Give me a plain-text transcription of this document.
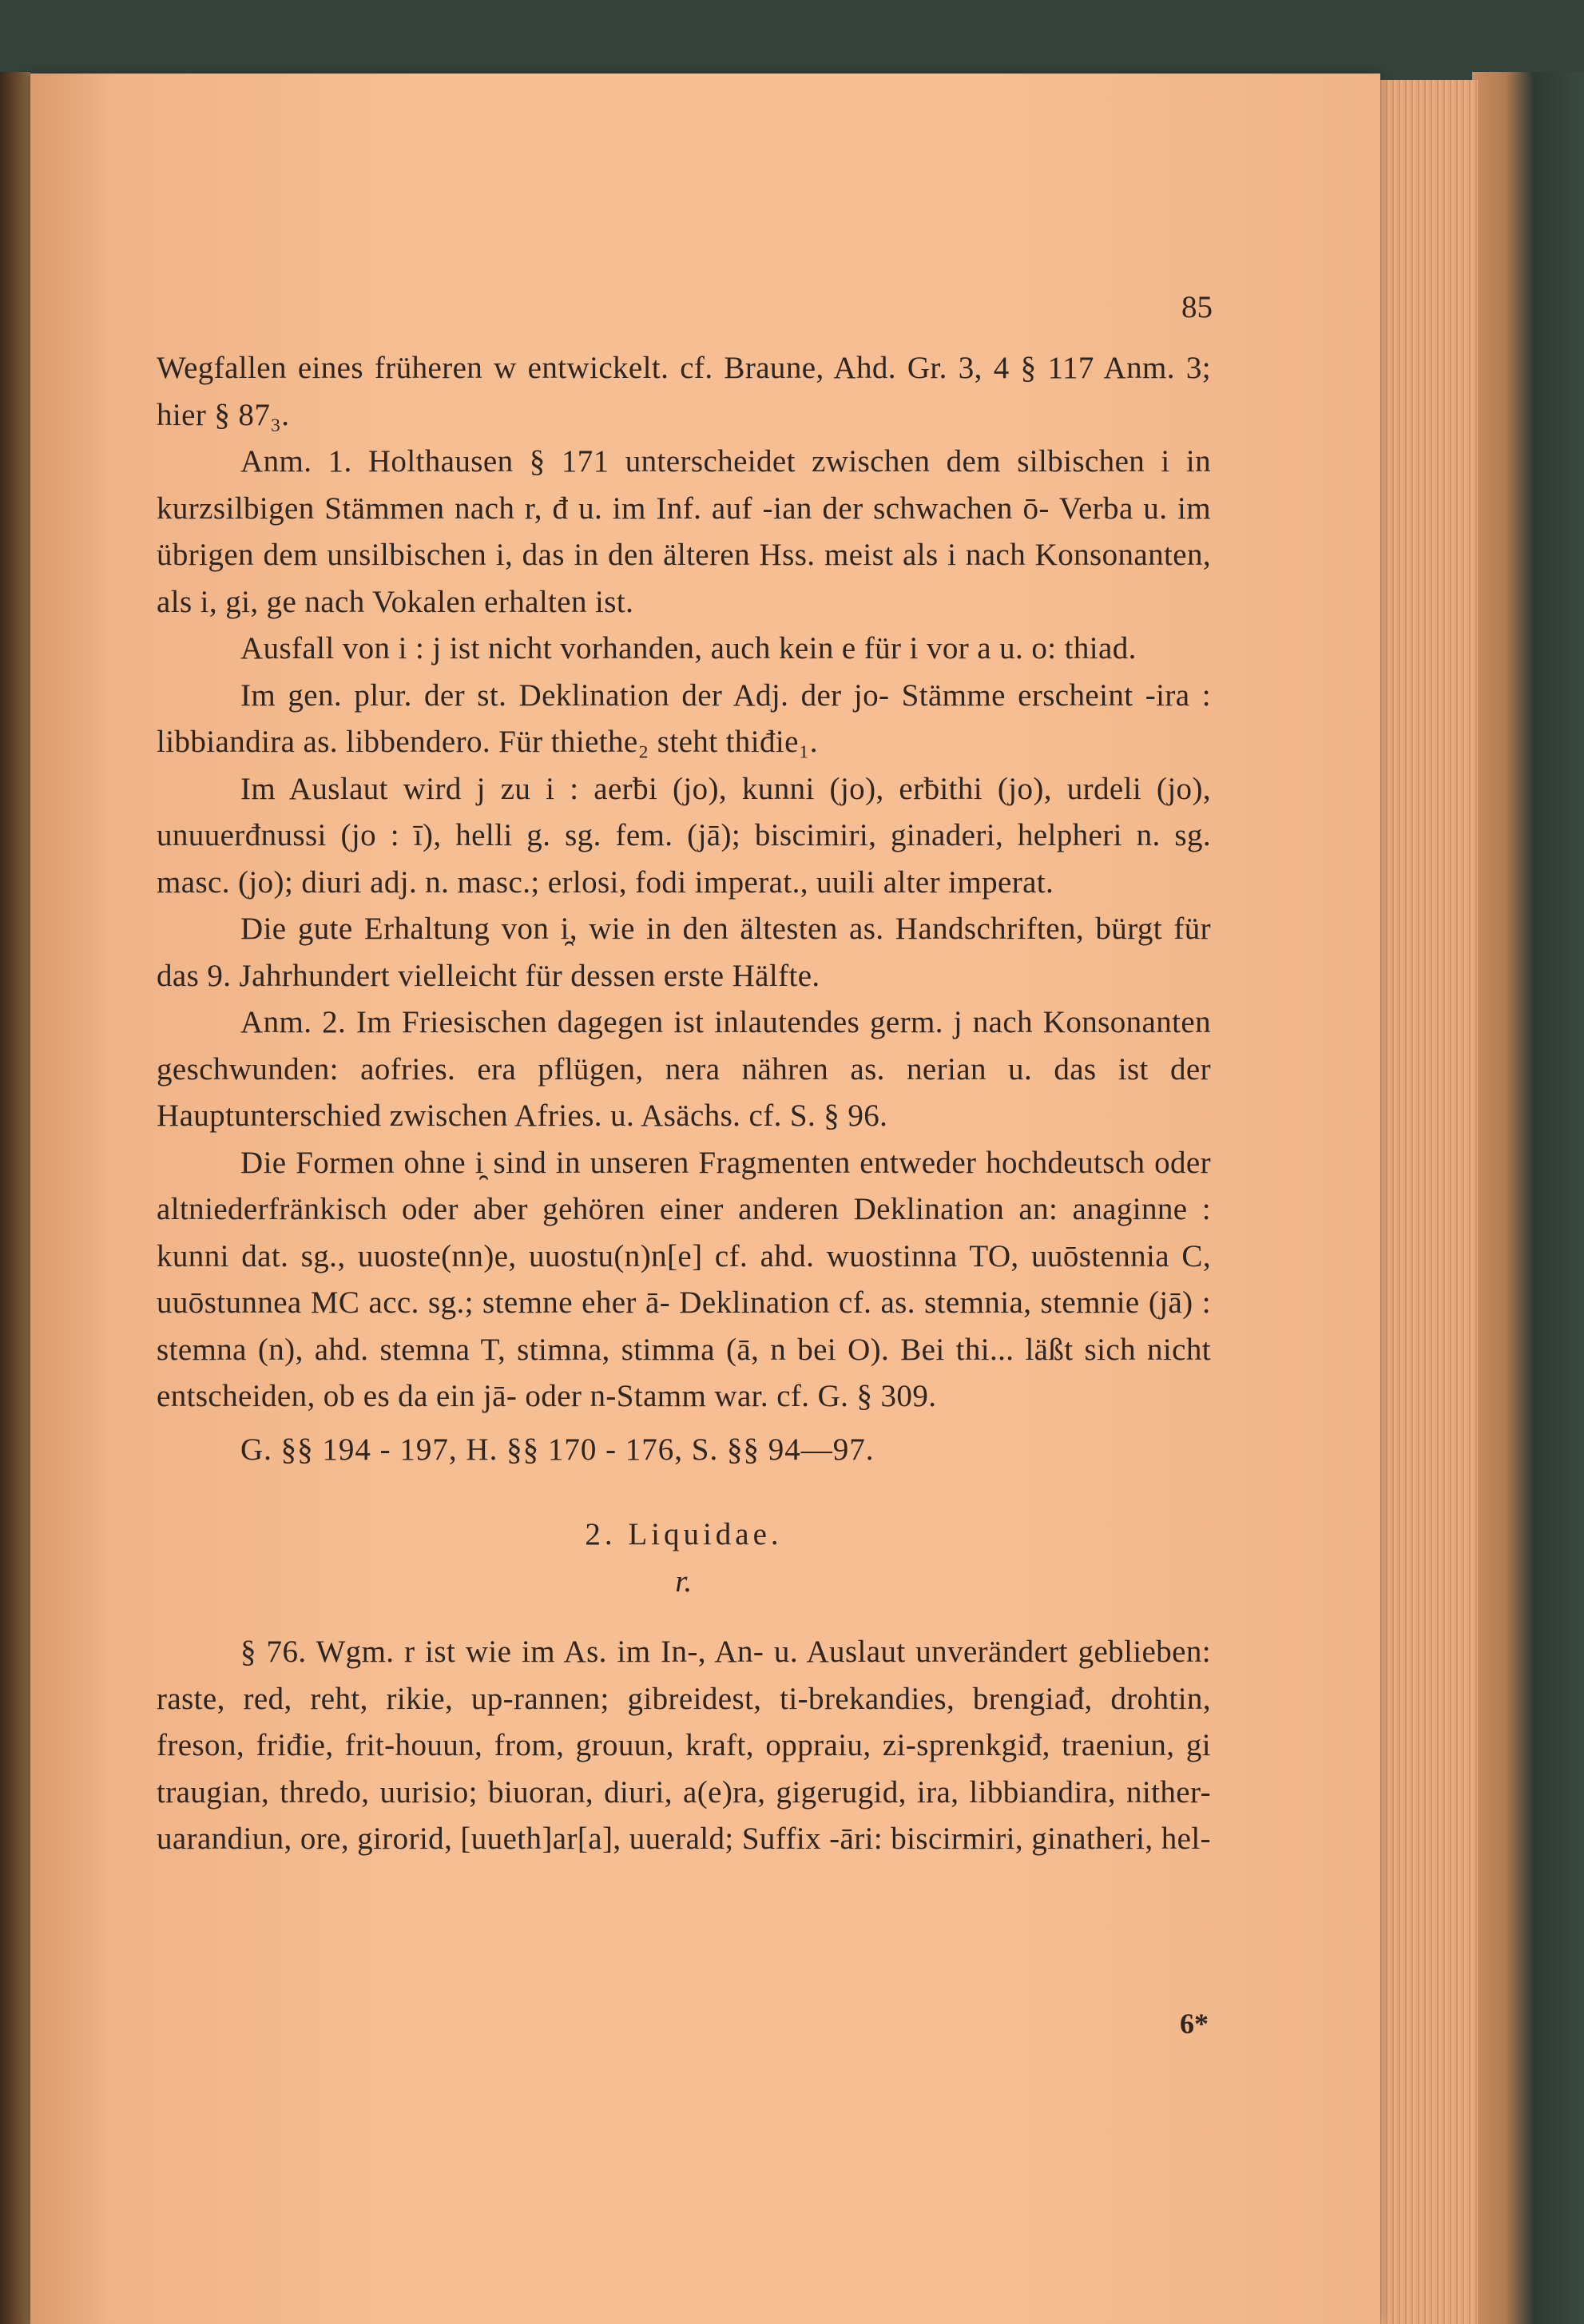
85

Wegfallen eines früheren w entwickelt. cf. Braune, Ahd. Gr. 3, 4 § 117 Anm. 3; hier § 87₃.

Anm. 1. Holthausen § 171 unterscheidet zwischen dem silbischen i in kurzsilbigen Stämmen nach r, đ u. im Inf. auf -ian der schwachen ō- Verba u. im übrigen dem unsilbischen i, das in den älteren Hss. meist als i nach Konsonanten, als i, gi, ge nach Vokalen erhalten ist.

Ausfall von i : j ist nicht vorhanden, auch kein e für i vor a u. o: thiad.

Im gen. plur. der st. Deklination der Adj. der jo- Stämme erscheint -ira : libbiandira as. libbendero. Für thiethe₂ steht thiđie₁.

Im Auslaut wird j zu i : aerƀi (jo), kunni (jo), erƀithi (jo), urdeli (jo), unuuerđnussi (jo : ī), helli g. sg. fem. (jā); biscimiri, ginaderi, helpheri n. sg. masc. (jo); diuri adj. n. masc.; erlosi, fodi imperat., uuili alter imperat.

Die gute Erhaltung von i̯, wie in den ältesten as. Handschriften, bürgt für das 9. Jahrhundert vielleicht für dessen erste Hälfte.

Anm. 2. Im Friesischen dagegen ist inlautendes germ. j nach Konsonanten geschwunden: aofries. era pflügen, nera nähren as. nerian u. das ist der Hauptunterschied zwischen Afries. u. Asächs. cf. S. § 96.

Die Formen ohne i̯ sind in unseren Fragmenten entweder hochdeutsch oder altniederfränkisch oder aber gehören einer anderen Deklination an: anaginne : kunni dat. sg., uuoste(nn)e, uuostu(n)n[e] cf. ahd. wuostinna TO, uuōstennia C, uuōstunnea MC acc. sg.; stemne eher ā- Deklination cf. as. stemnia, stemnie (jā) : stemna (n), ahd. stemna T, stimna, stimma (ā, n bei O). Bei thi... läßt sich nicht entscheiden, ob es da ein jā- oder n-Stamm war. cf. G. § 309.

G. §§ 194 - 197, H. §§ 170 - 176, S. §§ 94—97.

2. Liquidae.

r.

§ 76. Wgm. r ist wie im As. im In-, An- u. Auslaut unverändert geblieben: raste, red, reht, rikie, up-rannen; gibreidest, ti-brekandies, brengiađ, drohtin, freson, friđie, frit-houun, from, grouun, kraft, oppraiu, zi-sprenkgiđ, traeniun, gi traugian, thredo, uurisio; biuoran, diuri, a(e)ra, gigerugid, ira, libbiandira, nither-uarandiun, ore, girorid, [uueth]ar[a], uuerald; Suffix -āri: biscirmiri, ginatheri, hel-

6*
